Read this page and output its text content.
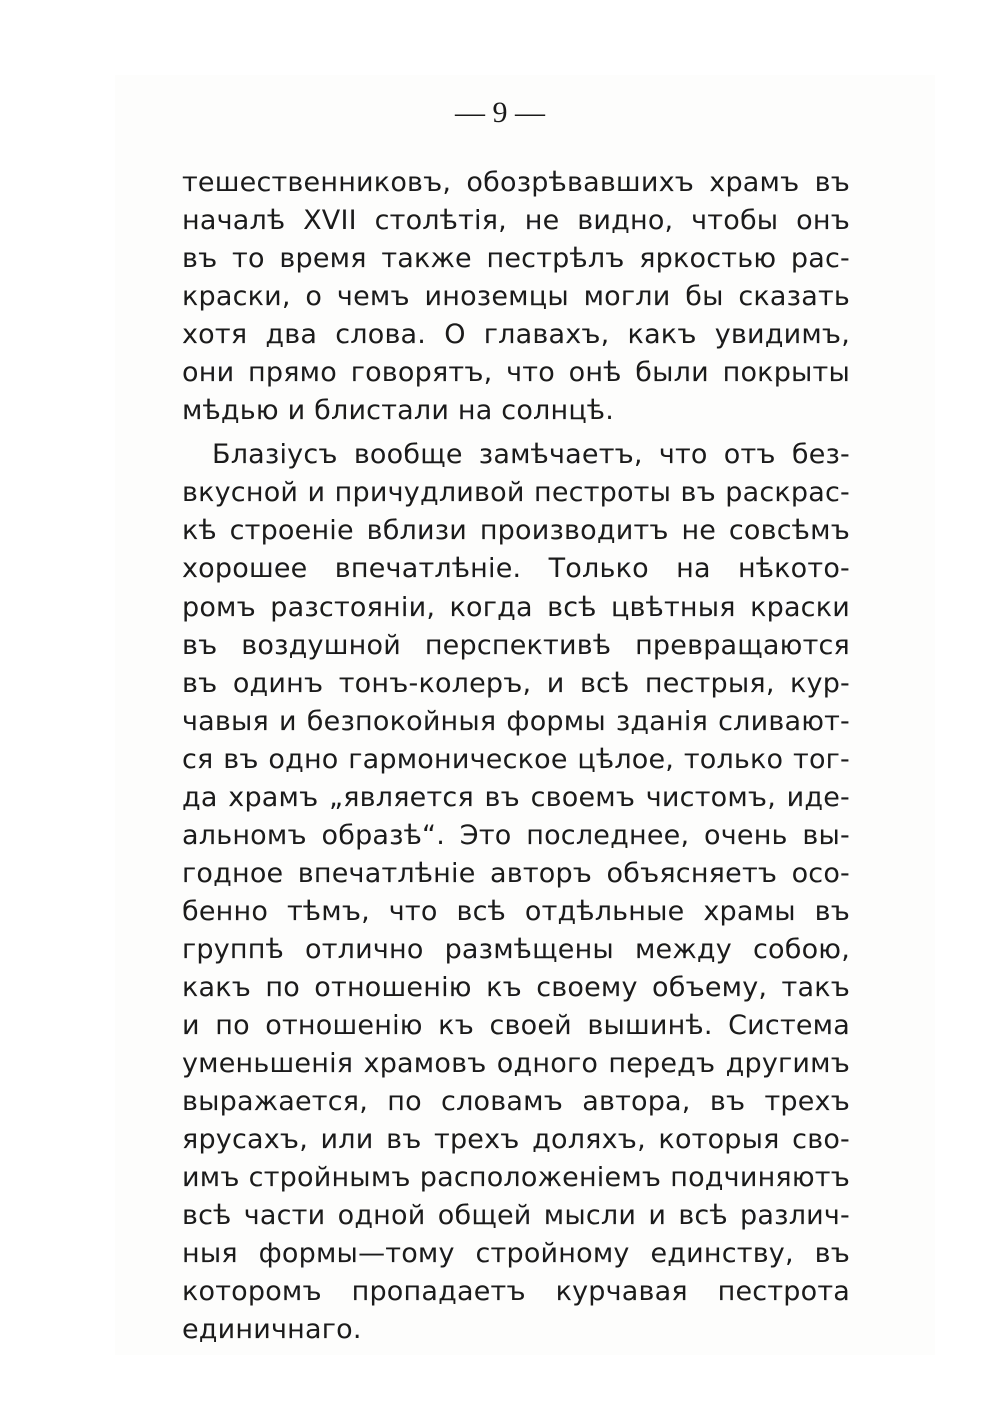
— 9 —
тешественниковъ, обозрѣвавшихъ храмъ въ
началѣ XVII столѣтія, не видно, чтобы онъ
въ то время также пестрѣлъ яркостью рас-
краски, о чемъ иноземцы могли бы сказать
хотя два слова. О главахъ, какъ увидимъ,
они прямо говорятъ, что онѣ были покрыты
мѣдью и блистали на солнцѣ.
Блазіусъ вообще замѣчаетъ, что отъ без-
вкусной и причудливой пестроты въ раскрас-
кѣ строеніе вблизи производитъ не совсѣмъ
хорошее впечатлѣніе. Только на нѣкото-
ромъ разстояніи, когда всѣ цвѣтныя краски
въ воздушной перспективѣ превращаются
въ одинъ тонъ-колеръ, и всѣ пестрыя, кур-
чавыя и безпокойныя формы зданія сливают-
ся въ одно гармоническое цѣлое, только тог-
да храмъ „является въ своемъ чистомъ, иде-
альномъ образѣ“. Это последнее, очень вы-
годное впечатлѣніе авторъ объясняетъ осо-
бенно тѣмъ, что всѣ отдѣльные храмы въ
группѣ отлично размѣщены между собою,
какъ по отношенію къ своему объему, такъ
и по отношенію къ своей вышинѣ. Система
уменьшенія храмовъ одного передъ другимъ
выражается, по словамъ автора, въ трехъ
ярусахъ, или въ трехъ доляхъ, которыя сво-
имъ стройнымъ расположеніемъ подчиняютъ
всѣ части одной общей мысли и всѣ различ-
ныя формы—тому стройному единству, въ
которомъ пропадаетъ курчавая пестрота
единичнаго.
